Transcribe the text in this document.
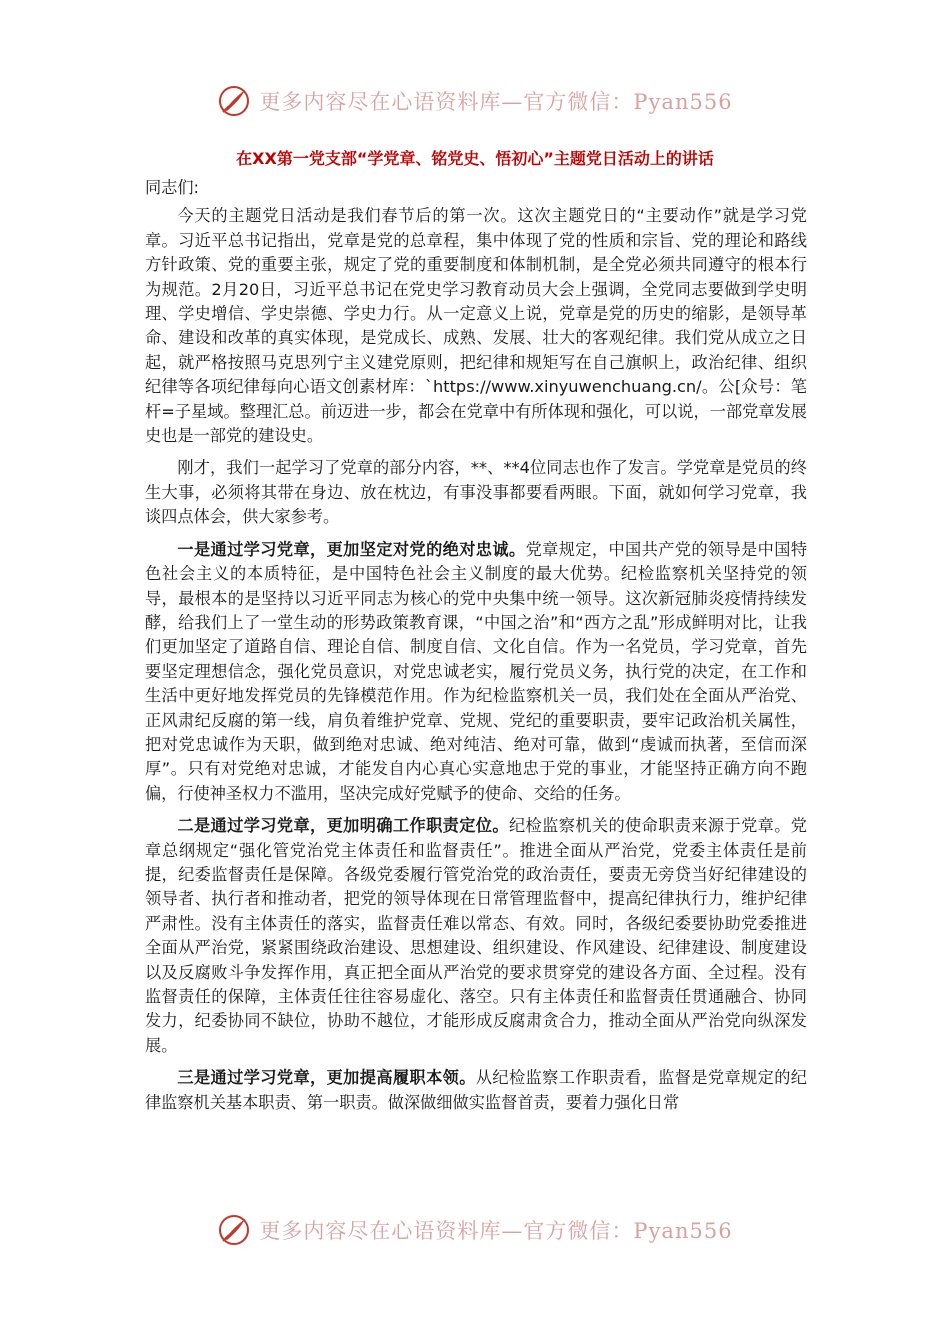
更多内容尽在心语资料库—官方微信：Pyan556
在XX第一党支部“学党章、铭党史、悟初心”主题党日活动上的讲话

同志们:

今天的主题党日活动是我们春节后的第一次。这次主题党日的“主要动作”就是学习党章。习近平总书记指出，党章是党的总章程，集中体现了党的性质和宗旨、党的理论和路线方针政策、党的重要主张，规定了党的重要制度和体制机制，是全党必须共同遵守的根本行为规范。2月20日，习近平总书记在党史学习教育动员大会上强调，全党同志要做到学史明理、学史增信、学史崇德、学史力行。从一定意义上说，党章是党的历史的缩影，是领导革命、建设和改革的真实体现，是党成长、成熟、发展、壮大的客观纪律。我们党从成立之日起，就严格按照马克思列宁主义建党原则，把纪律和规矩写在自己旗帜上，政治纪律、组织纪律等各项纪律每向心语文创素材库：`https://www.xinyuwenchuang.cn/。公[众号：笔杆=子星域。整理汇总。前迈进一步，都会在党章中有所体现和强化，可以说，一部党章发展史也是一部党的建设史。

刚才，我们一起学习了党章的部分内容，**、**4位同志也作了发言。学党章是党员的终生大事，必须将其带在身边、放在枕边，有事没事都要看两眼。下面，就如何学习党章，我谈四点体会，供大家参考。

一是通过学习党章，更加坚定对党的绝对忠诚。党章规定，中国共产党的领导是中国特色社会主义的本质特征，是中国特色社会主义制度的最大优势。纪检监察机关坚持党的领导，最根本的是坚持以习近平同志为核心的党中央集中统一领导。这次新冠肺炎疫情持续发酵，给我们上了一堂生动的形势政策教育课，“中国之治”和“西方之乱”形成鲜明对比，让我们更加坚定了道路自信、理论自信、制度自信、文化自信。作为一名党员，学习党章，首先要坚定理想信念，强化党员意识，对党忠诚老实，履行党员义务，执行党的决定，在工作和生活中更好地发挥党员的先锋模范作用。作为纪检监察机关一员，我们处在全面从严治党、正风肃纪反腐的第一线，肩负着维护党章、党规、党纪的重要职责，要牢记政治机关属性，把对党忠诚作为天职，做到绝对忠诚、绝对纯洁、绝对可靠，做到“虔诚而执著，至信而深厚”。只有对党绝对忠诚，才能发自内心真心实意地忠于党的事业，才能坚持正确方向不跑偏，行使神圣权力不滥用，坚决完成好党赋予的使命、交给的任务。

二是通过学习党章，更加明确工作职责定位。纪检监察机关的使命职责来源于党章。党章总纲规定“强化管党治党主体责任和监督责任”。推进全面从严治党，党委主体责任是前提，纪委监督责任是保障。各级党委履行管党治党的政治责任，要责无旁贷当好纪律建设的领导者、执行者和推动者，把党的领导体现在日常管理监督中，提高纪律执行力，维护纪律严肃性。没有主体责任的落实，监督责任难以常态、有效。同时，各级纪委要协助党委推进全面从严治党，紧紧围绕政治建设、思想建设、组织建设、作风建设、纪律建设、制度建设以及反腐败斗争发挥作用，真正把全面从严治党的要求贯穿党的建设各方面、全过程。没有监督责任的保障，主体责任往往容易虚化、落空。只有主体责任和监督责任贯通融合、协同发力，纪委协同不缺位，协助不越位，才能形成反腐肃贪合力，推动全面从严治党向纵深发展。

三是通过学习党章，更加提高履职本领。从纪检监察工作职责看，监督是党章规定的纪律监察机关基本职责、第一职责。做深做细做实监督首责，要着力强化日常

更多内容尽在心语资料库—官方微信：Pyan556
